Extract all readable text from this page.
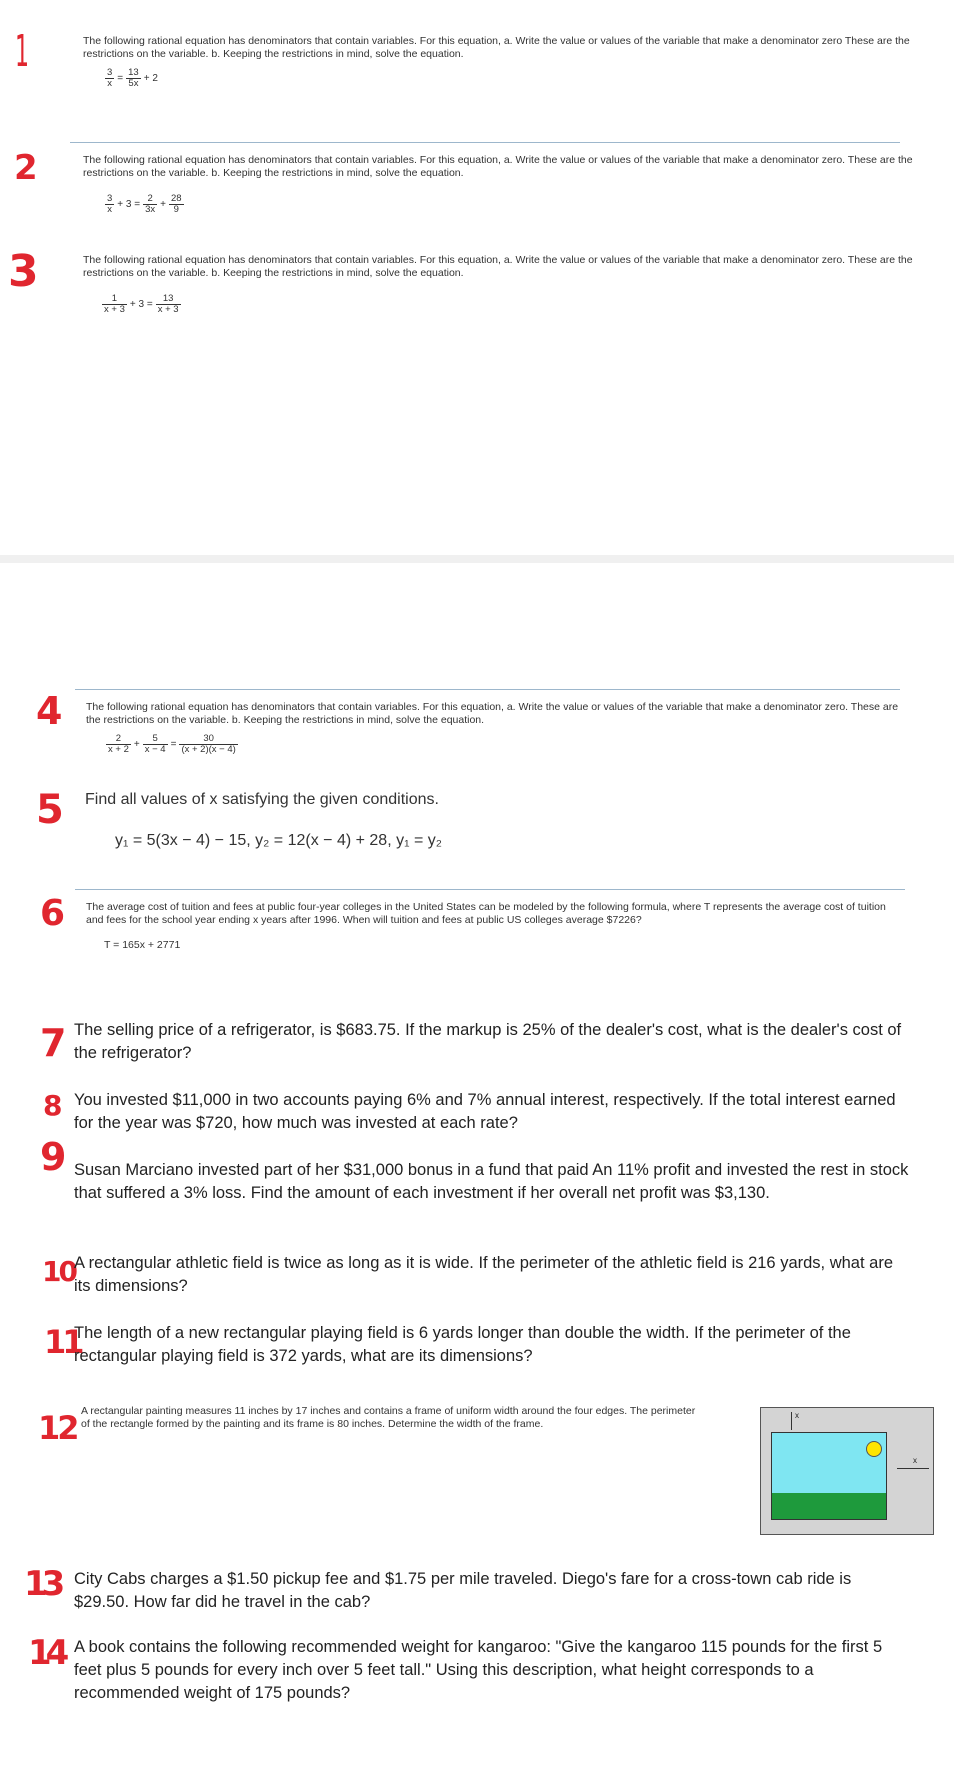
1	The following rational equation has denominators that contain variables. For this equation, a. Write the value or values of the variable that make a denominator zero These are the restrictions on the variable. b. Keeping the restrictions in mind, solve the equation.
$\frac{3}{x} = \frac{13}{5x} + 2$
2	The following rational equation has denominators that contain variables. For this equation, a. Write the value or values of the variable that make a denominator zero. These are the restrictions on the variable. b. Keeping the restrictions in mind, solve the equation.
$\frac{3}{x} + 3 = \frac{2}{3x} + \frac{28}{9}$
3	The following rational equation has denominators that contain variables. For this equation, a. Write the value or values of the variable that make a denominator zero. These are the restrictions on the variable. b. Keeping the restrictions in mind, solve the equation.
$\frac{1}{x + 3} + 3 = \frac{13}{x + 3}$
4 The following rational equation has denominators that contain variables. For this equation, a. Write the value or values of the variable that make a denominator zero. These are the restrictions on the variable. b. Keeping the restrictions in mind, solve the equation.
$\frac{2}{x + 2} + \frac{5}{x - 4} = \frac{30}{(x + 2)(x - 4)}$
5 Find all values of x satisfying the given conditions.
y₁ = 5(3x − 4) − 15, y₂ = 12(x − 4) + 28, y₁ = y₂
6 The average cost of tuition and fees at public four-year colleges in the United States can be modeled by the following formula, where T represents the average cost of tuition and fees for the school year ending x years after 1996. When will tuition and fees at public US colleges average $7226?
T = 165x + 2771
7 The selling price of a refrigerator, is $683.75. If the markup is 25% of the dealer's cost, what is the dealer's cost of the refrigerator?
8 You invested $11,000 in two accounts paying 6% and 7% annual interest, respectively. If the total interest earned for the year was $720, how much was invested at each rate?
9 Susan Marciano invested part of her $31,000 bonus in a fund that paid An 11% profit and invested the rest in stock that suffered a 3% loss. Find the amount of each investment if her overall net profit was $3,130.
10 A rectangular athletic field is twice as long as it is wide. If the perimeter of the athletic field is 216 yards, what are its dimensions?
11
The length of a new rectangular playing field is 6 yards longer than double the width. If the perimeter of the rectangular playing field is 372 yards, what are its dimensions?
12 A rectangular painting measures 11 inches by 17 inches and contains a frame of uniform width around the four edges. The perimeter of the rectangle formed by the painting and its frame is 80 inches. Determine the width of the frame.
x
x
13 City Cabs charges a $1.50 pickup fee and $1.75 per mile traveled. Diego's fare for a cross-town cab ride is $29.50. How far did he travel in the cab?
14 A book contains the following recommended weight for kangaroo: "Give the kangaroo 115 pounds for the first 5 feet plus 5 pounds for every inch over 5 feet tall." Using this description, what height corresponds to a recommended weight of 175 pounds?
